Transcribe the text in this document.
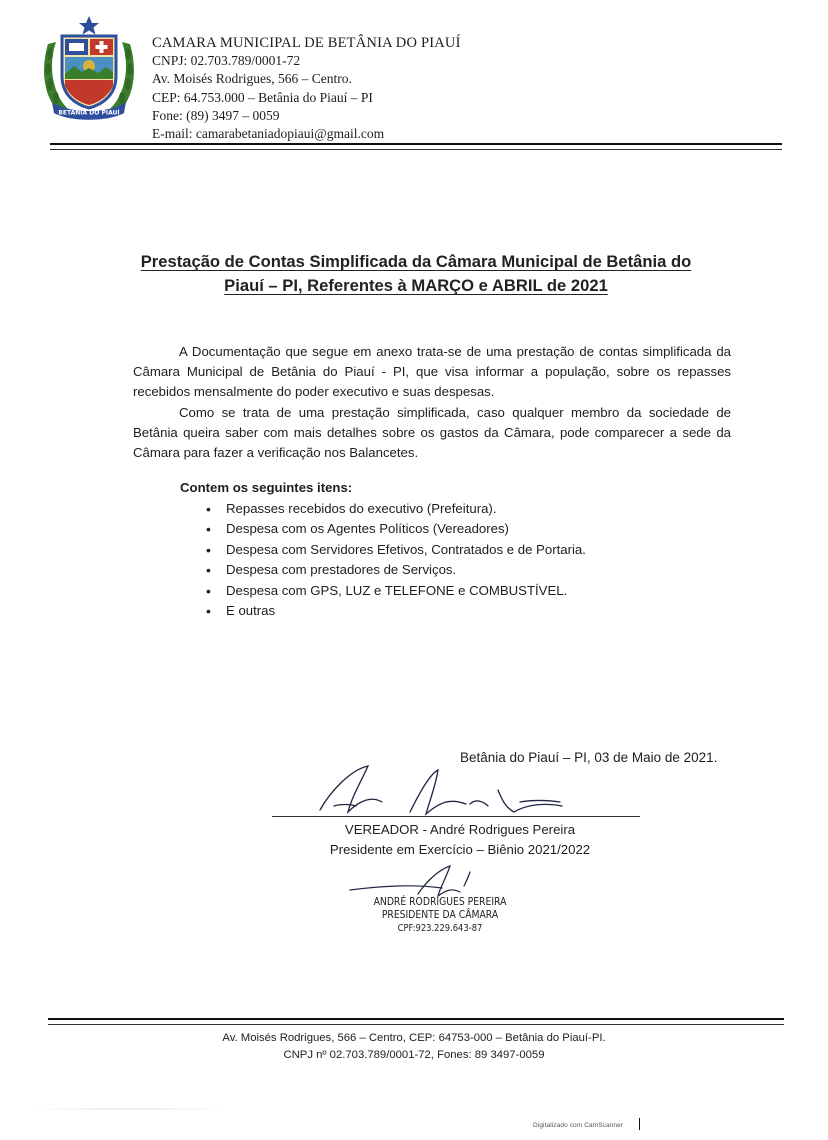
BETÂNIA DO PIAUÍ
CAMARA MUNICIPAL DE BETÂNIA DO PIAUÍ
CNPJ: 02.703.789/0001-72
Av. Moisés Rodrigues, 566 – Centro.
CEP: 64.753.000 – Betânia do Piauí – PI
Fone: (89) 3497 – 0059
E-mail: camarabetaniadopiaui@gmail.com
Prestação de Contas Simplificada da Câmara Municipal de Betânia do
Piauí – PI, Referentes à MARÇO e ABRIL de 2021

A Documentação que segue em anexo trata-se de uma prestação de contas simplificada da Câmara Municipal de Betânia do Piauí - PI, que visa informar a população, sobre os repasses recebidos mensalmente do poder executivo e suas despesas.

Como se trata de uma prestação simplificada, caso qualquer membro da sociedade de Betânia queira saber com mais detalhes sobre os gastos da Câmara, pode comparecer a sede da Câmara para fazer a verificação nos Balancetes.

Contem os seguintes itens:
• Repasses recebidos do executivo (Prefeitura).
• Despesa com os Agentes Políticos (Vereadores)
• Despesa com Servidores Efetivos, Contratados e de Portaria.
• Despesa com prestadores de Serviços.
• Despesa com GPS, LUZ e TELEFONE e COMBUSTÍVEL.
• E outras
Betânia do Piauí – PI, 03 de Maio de 2021.
VEREADOR - André Rodrigues Pereira
Presidente em Exercício – Biênio 2021/2022
ANDRÉ RODRIGUES PEREIRA
PRESIDENTE DA CÂMARA
CPF:923.229.643-87
Av. Moisés Rodrigues, 566 – Centro, CEP: 64753-000 – Betânia do Piauí-PI.
CNPJ nº 02.703.789/0001-72, Fones: 89 3497-0059
Digitalizado com CamScanner
